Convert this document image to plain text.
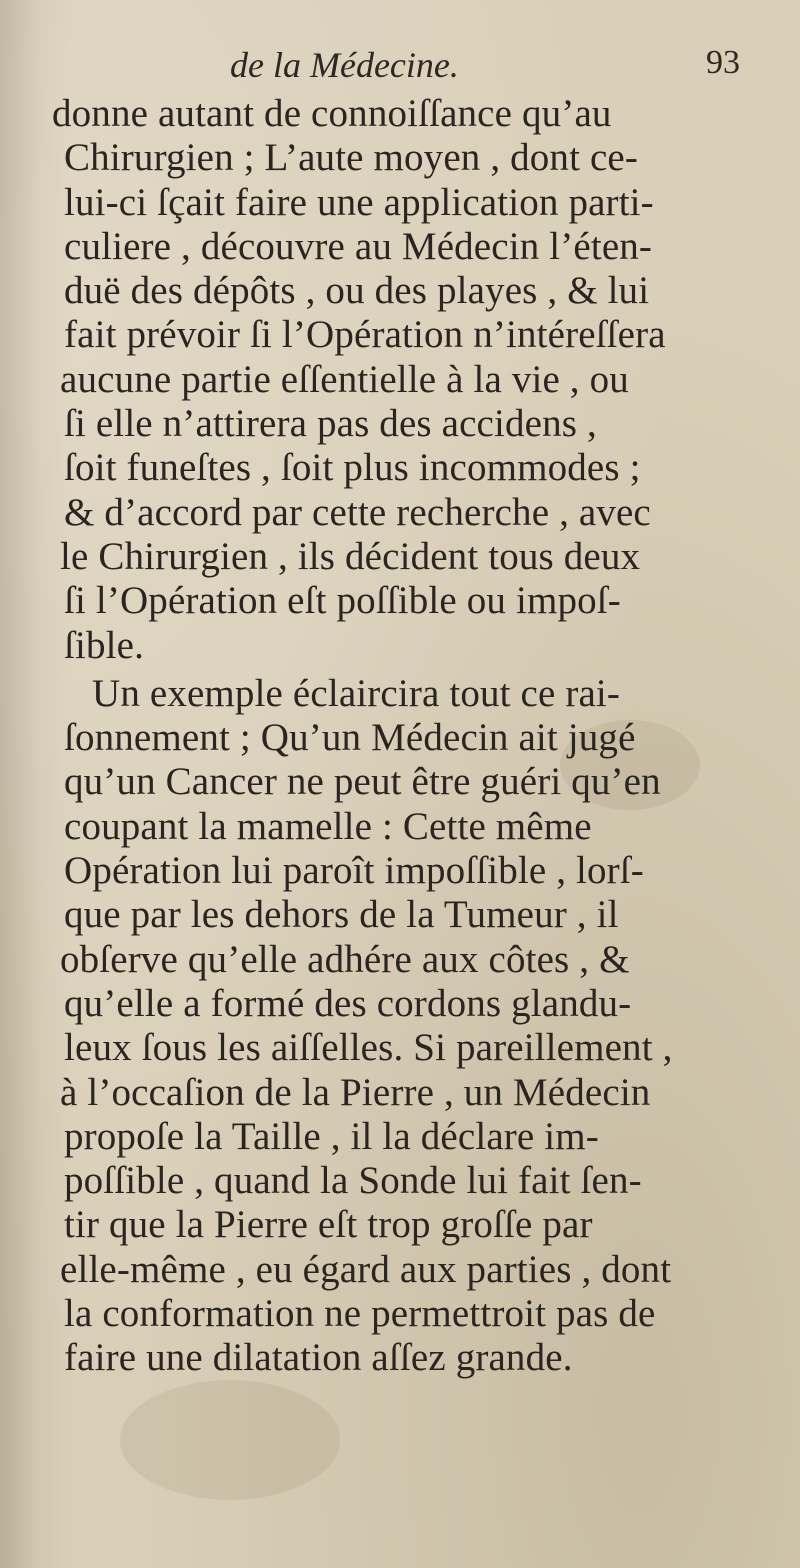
de la Médecine.	93
donne autant de connoiſſance qu’au
Chirurgien ; L’aute moyen , dont ce-
lui-ci ſçait faire une application parti-
culiere , découvre au Médecin l’éten-
duë des dépôts , ou des playes , & lui
fait prévoir ſi l’Opération n’intéreſſera
aucune partie eſſentielle à la vie , ou
ſi elle n’attirera pas des accidens ,
ſoit funeſtes , ſoit plus incommodes ;
& d’accord par cette recherche , avec
le Chirurgien , ils décident tous deux
ſi l’Opération eſt poſſible ou impoſ-
ſible.
Un exemple éclaircira tout ce rai-
ſonnement ; Qu’un Médecin ait jugé
qu’un Cancer ne peut être guéri qu’en
coupant la mamelle : Cette même
Opération lui paroît impoſſible , lorſ-
que par les dehors de la Tumeur , il
obſerve qu’elle adhére aux côtes , &
qu’elle a formé des cordons glandu-
leux ſous les aiſſelles. Si pareillement ,
à l’occaſion de la Pierre , un Médecin
propoſe la Taille , il la déclare im-
poſſible , quand la Sonde lui fait ſen-
tir que la Pierre eſt trop groſſe par
elle-même , eu égard aux parties , dont
la conformation ne permettroit pas de
faire une dilatation aſſez grande.
